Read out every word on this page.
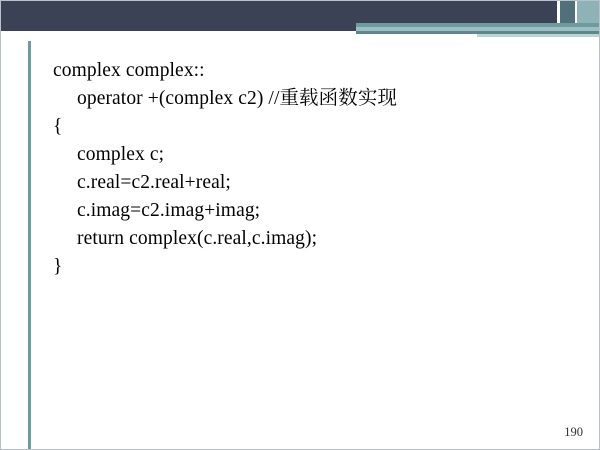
complex complex::
operator +(complex c2) //重载函数实现
{
complex c;
c.real=c2.real+real;
c.imag=c2.imag+imag;
return complex(c.real,c.imag);
}
190
